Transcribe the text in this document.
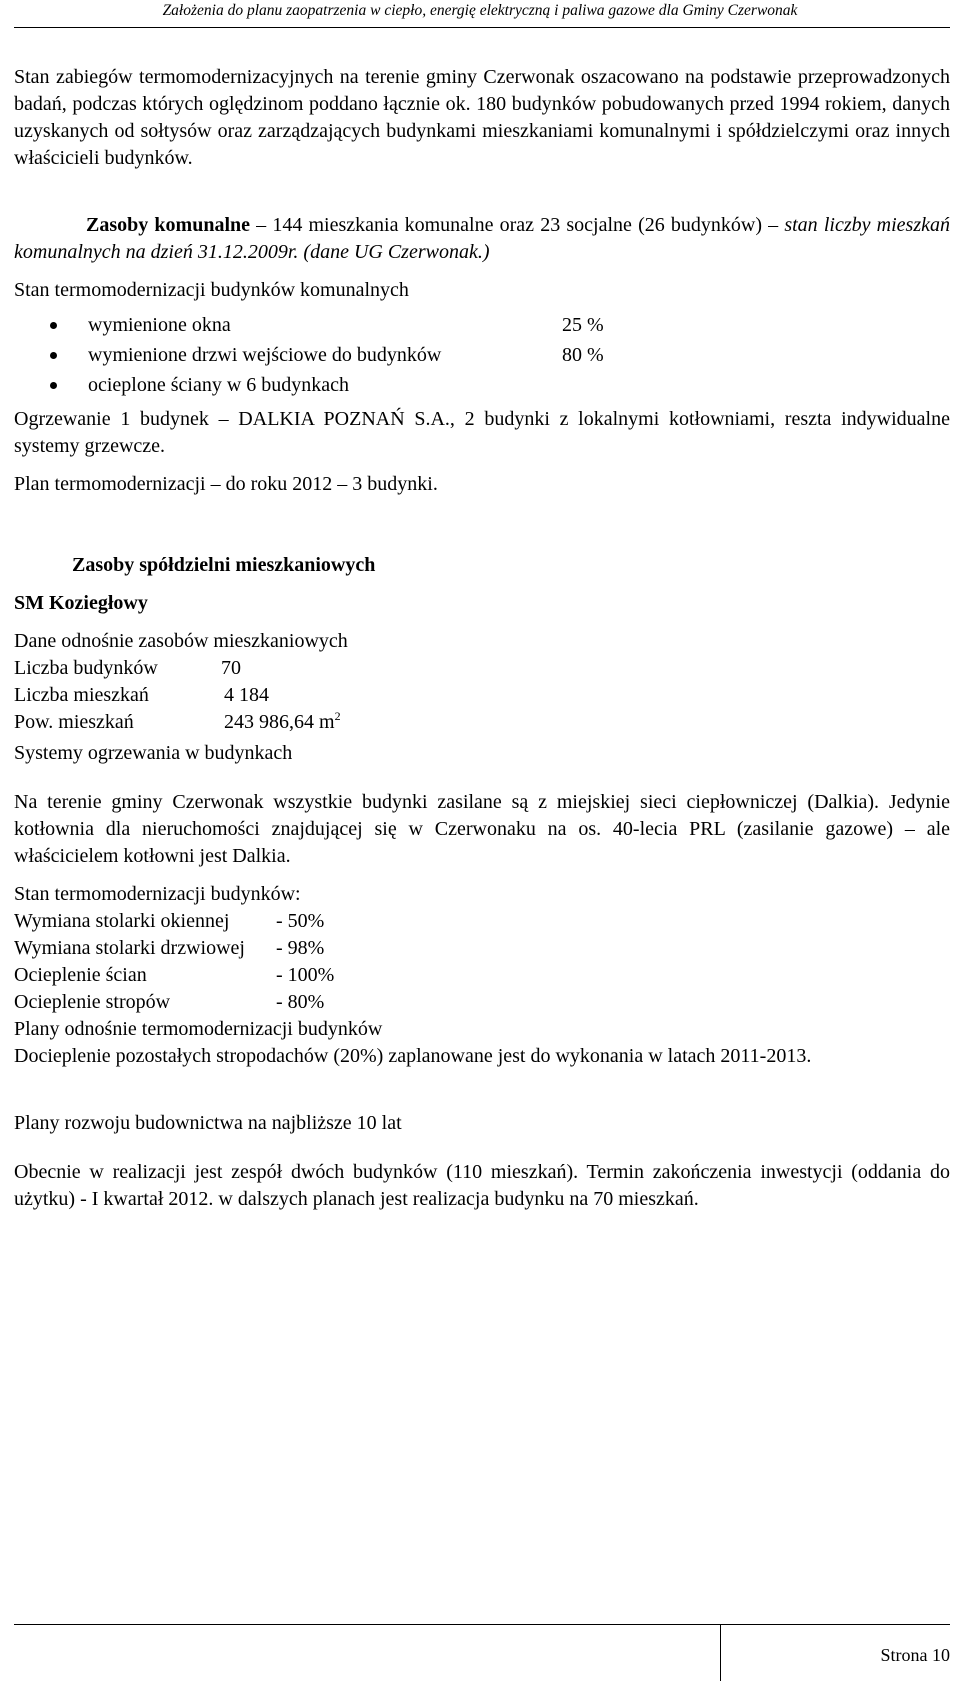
Założenia do planu zaopatrzenia w ciepło, energię elektryczną i paliwa gazowe dla Gminy Czerwonak

Stan zabiegów termomodernizacyjnych na terenie gminy Czerwonak oszacowano na podstawie przeprowadzonych badań, podczas których oględzinom poddano łącznie ok. 180 budynków pobudowanych przed 1994 rokiem, danych uzyskanych od sołtysów oraz zarządzających budynkami mieszkaniami komunalnymi i spółdzielczymi oraz innych właścicieli budynków.

Zasoby komunalne – 144 mieszkania komunalne oraz 23 socjalne (26 budynków) – stan liczby mieszkań komunalnych na dzień 31.12.2009r. (dane UG Czerwonak.)

Stan termomodernizacji budynków komunalnych

wymienione okna	25 %
wymienione drzwi wejściowe do budynków	80 %
ocieplone ściany w 6 budynkach

Ogrzewanie 1 budynek – DALKIA POZNAŃ S.A., 2 budynki z lokalnymi kotłowniami, reszta indywidualne systemy grzewcze.

Plan termomodernizacji – do roku 2012 – 3 budynki.

Zasoby spółdzielni mieszkaniowych

SM Koziegłowy

Dane odnośnie zasobów mieszkaniowych

Liczba budynków	70
Liczba mieszkań	4 184
Pow. mieszkań	243 986,64 $m^2$

Systemy ogrzewania w budynkach

Na terenie gminy Czerwonak wszystkie budynki zasilane są z miejskiej sieci ciepłowniczej (Dalkia). Jedynie kotłownia dla nieruchomości znajdującej się w Czerwonaku na os. 40-lecia PRL (zasilanie gazowe) – ale właścicielem kotłowni jest Dalkia.

Stan termomodernizacji budynków:

Wymiana stolarki okiennej - 50%
Wymiana stolarki drzwiowej - 98%
Ocieplenie ścian	- 100%
Ocieplenie stropów	- 80%

Plany odnośnie termomodernizacji budynków

Docieplenie pozostałych stropodachów (20%) zaplanowane jest do wykonania w latach 2011-2013.

Plany rozwoju budownictwa na najbliższe 10 lat

Obecnie w realizacji jest zespół dwóch budynków (110 mieszkań). Termin zakończenia inwestycji (oddania do użytku) - I kwartał 2012. w dalszych planach jest realizacja budynku na 70 mieszkań.

Strona 10
